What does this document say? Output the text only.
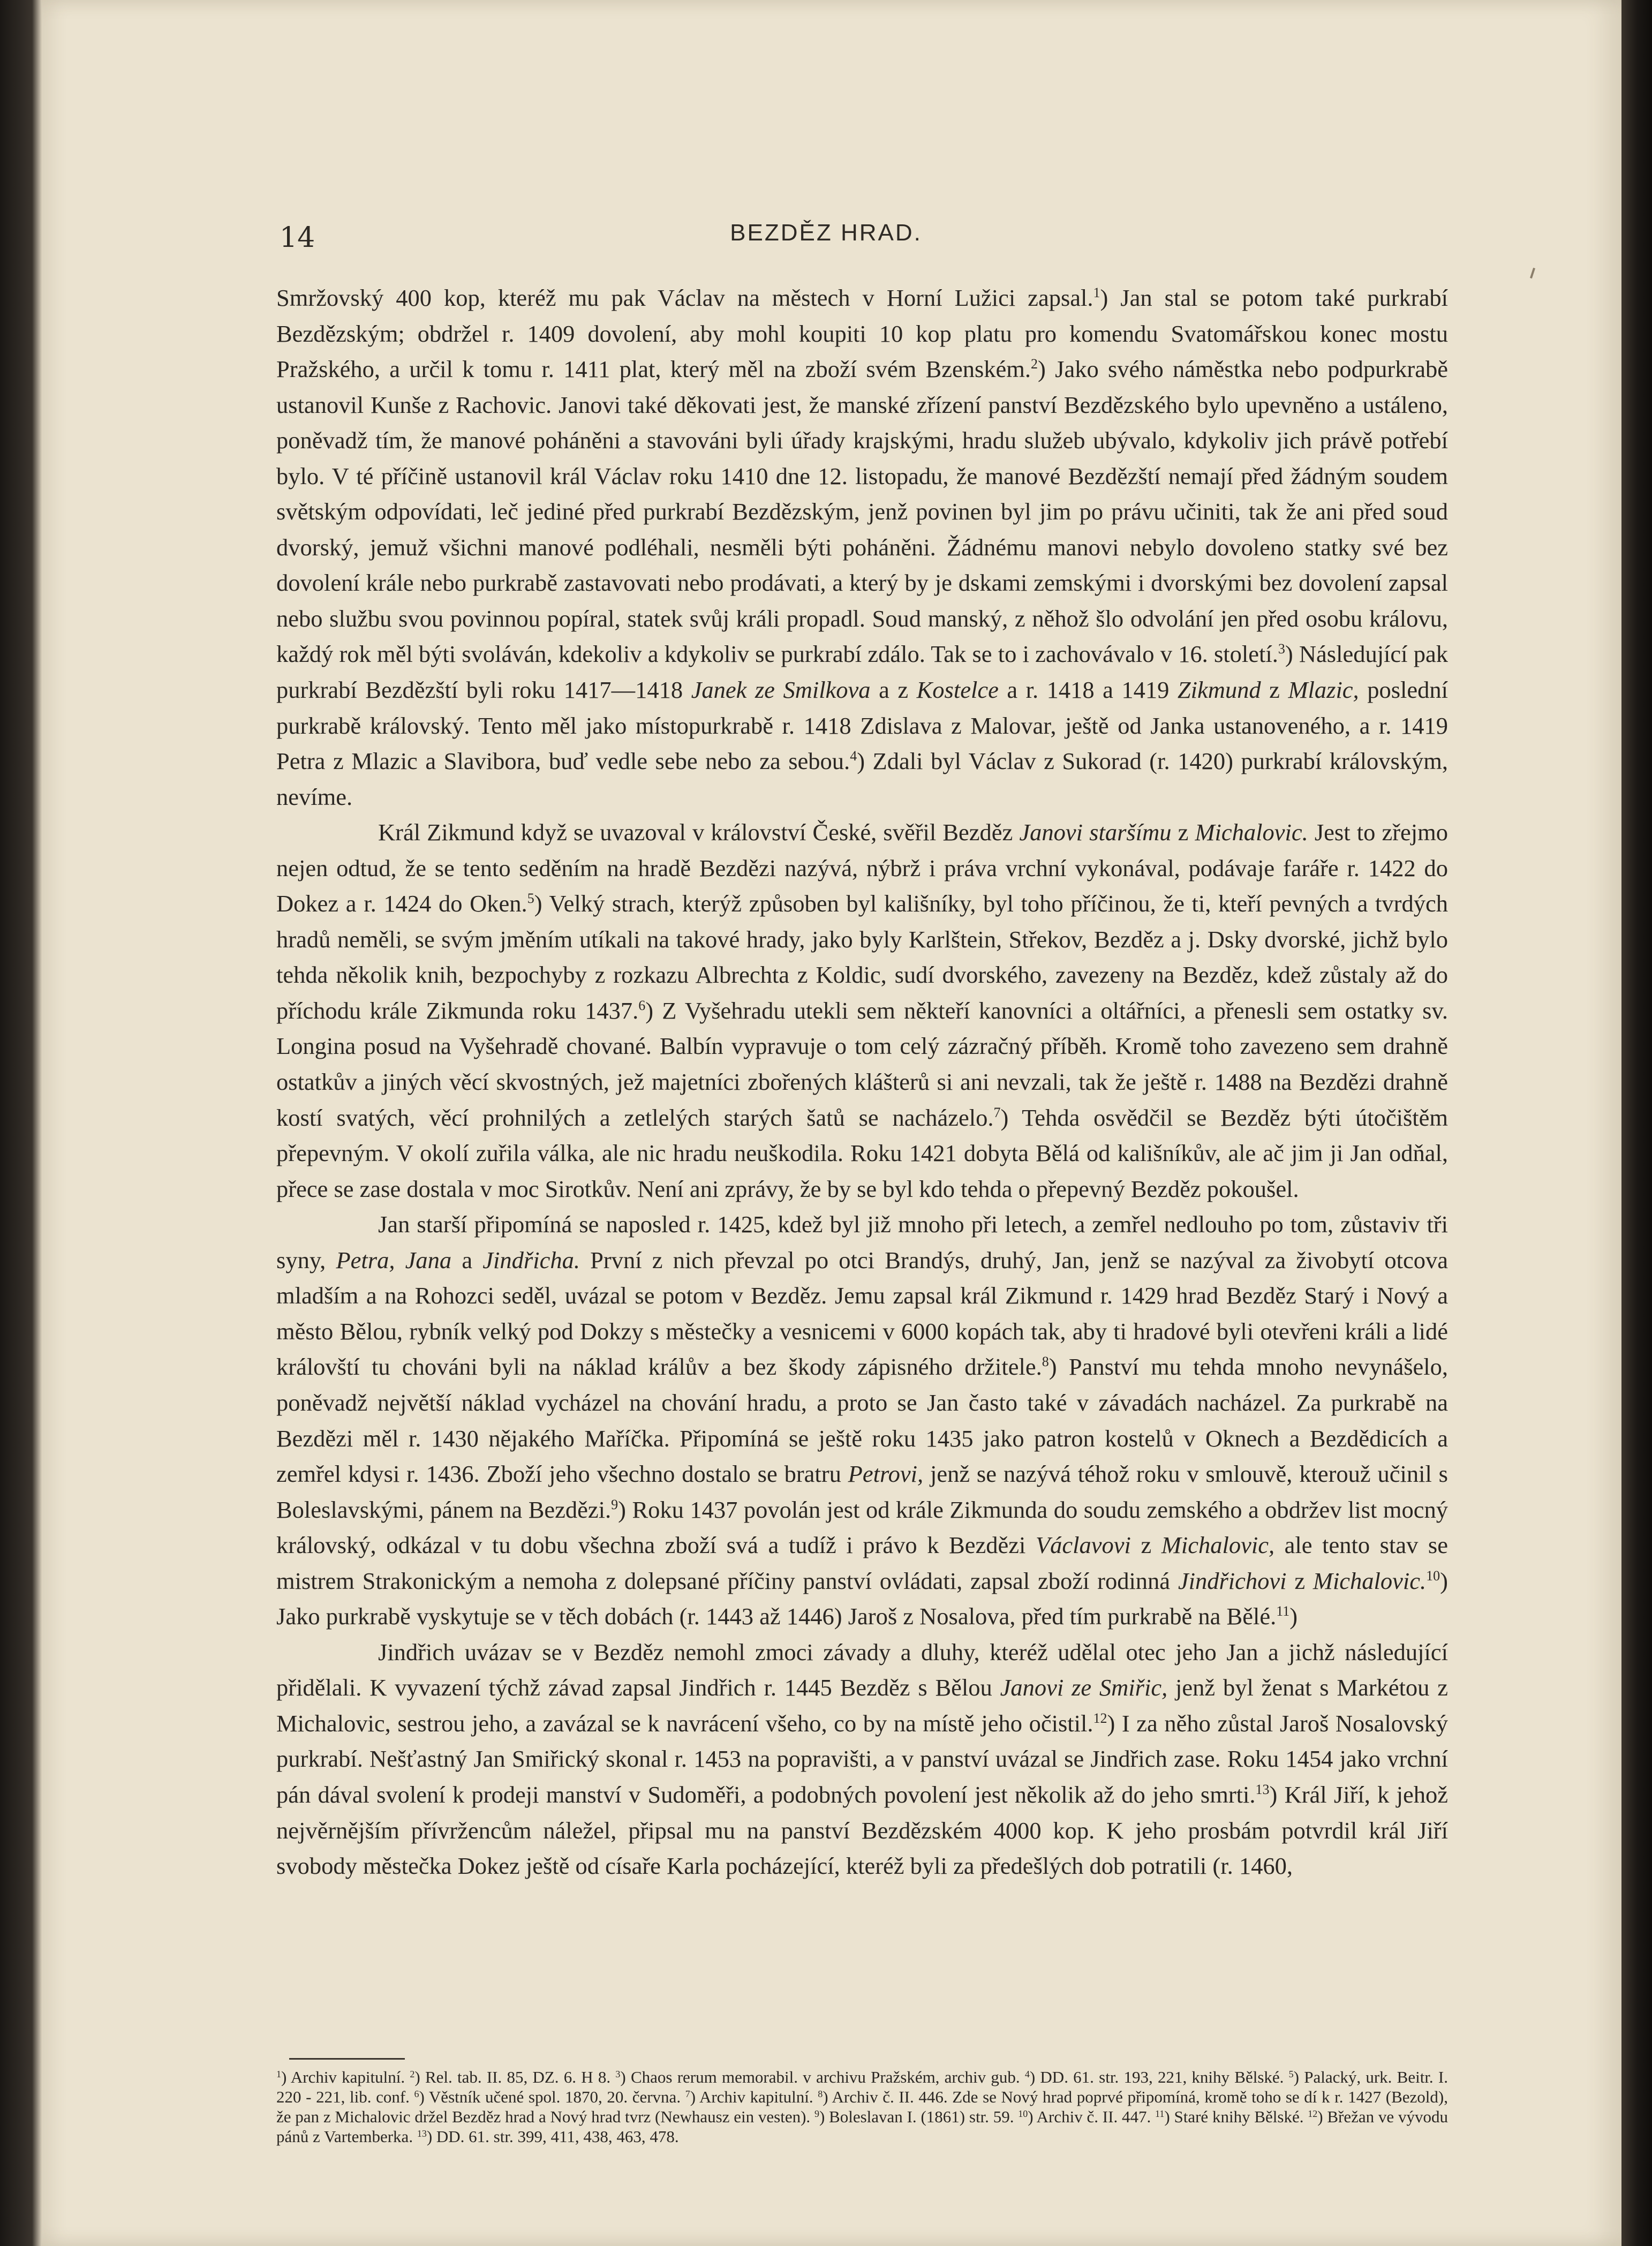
14	BEZDĚZ HRAD.

Smržovský 400 kop, kteréž mu pak Václav na městech v Horní Lužici zapsal.$^1$) Jan stal se potom také purkrabí Bezdězským; obdržel r. 1409 dovolení, aby mohl koupiti 10 kop platu pro komendu Svatomářskou konec mostu Pražského, a určil k tomu r. 1411 plat, který měl na zboží svém Bzenském.$^2$) Jako svého náměstka nebo podpurkrabě ustanovil Kunše z Rachovic. Janovi také děkovati jest, že manské zřízení panství Bezdězského bylo upevněno a ustáleno, poněvadž tím, že manové poháněni a stavováni byli úřady krajskými, hradu služeb ubývalo, kdykoliv jich právě potřebí bylo. V té příčině ustanovil král Václav roku 1410 dne 12. listopadu, že manové Bezdězští nemají před žádným soudem světským odpovídati, leč jediné před purkrabí Bezdězským, jenž povinen byl jim po právu učiniti, tak že ani před soud dvorský, jemuž všichni manové podléhali, nesměli býti poháněni. Žádnému manovi nebylo dovoleno statky své bez dovolení krále nebo purkrabě zastavovati nebo prodávati, a který by je dskami zemskými i dvorskými bez dovolení zapsal nebo službu svou povinnou popíral, statek svůj králi propadl. Soud manský, z něhož šlo odvolání jen před osobu královu, každý rok měl býti svoláván, kdekoliv a kdykoliv se purkrabí zdálo. Tak se to i zachovávalo v 16. století.$^3$) Následující pak purkrabí Bezdězští byli roku 1417—1418 Janek ze Smilkova a z Kostelce a r. 1418 a 1419 Zikmund z Mlazic, poslední purkrabě královský. Tento měl jako místopurkrabě r. 1418 Zdislava z Malovar, ještě od Janka ustanoveného, a r. 1419 Petra z Mlazic a Slavibora, buď vedle sebe nebo za sebou.$^4$) Zdali byl Václav z Sukorad (r. 1420) purkrabí královským, nevíme.

Král Zikmund když se uvazoval v království České, svěřil Bezděz Janovi staršímu z Michalovic. Jest to zřejmo nejen odtud, že se tento seděním na hradě Bezdězi nazývá, nýbrž i práva vrchní vykonával, podávaje faráře r. 1422 do Dokez a r. 1424 do Oken.$^5$) Velký strach, kterýž způsoben byl kališníky, byl toho příčinou, že ti, kteří pevných a tvrdých hradů neměli, se svým jměním utíkali na takové hrady, jako byly Karlštein, Střekov, Bezděz a j. Dsky dvorské, jichž bylo tehda několik knih, bezpochyby z rozkazu Albrechta z Koldic, sudí dvorského, zavezeny na Bezděz, kdež zůstaly až do příchodu krále Zikmunda roku 1437.$^6$) Z Vyšehradu utekli sem někteří kanovníci a oltářníci, a přenesli sem ostatky sv. Longina posud na Vyšehradě chované. Balbín vypravuje o tom celý zázračný příběh. Kromě toho zavezeno sem drahně ostatkův a jiných věcí skvostných, jež majetníci zbořených klášterů si ani nevzali, tak že ještě r. 1488 na Bezdězi drahně kostí svatých, věcí prohnilých a zetlelých starých šatů se nacházelo.$^7$) Tehda osvědčil se Bezděz býti útočištěm přepevným. V okolí zuřila válka, ale nic hradu neuškodila. Roku 1421 dobyta Bělá od kališníkův, ale ač jim ji Jan odňal, přece se zase dostala v moc Sirotkův. Není ani zprávy, že by se byl kdo tehda o přepevný Bezděz pokoušel.

Jan starší připomíná se naposled r. 1425, kdež byl již mnoho při letech, a zemřel nedlouho po tom, zůstaviv tři syny, Petra, Jana a Jindřicha. První z nich převzal po otci Brandýs, druhý, Jan, jenž se nazýval za živobytí otcova mladším a na Rohozci seděl, uvázal se potom v Bezděz. Jemu zapsal král Zikmund r. 1429 hrad Bezděz Starý i Nový a město Bělou, rybník velký pod Dokzy s městečky a vesnicemi v 6000 kopách tak, aby ti hradové byli otevřeni králi a lidé královští tu chováni byli na náklad králův a bez škody zápisného držitele.$^8$) Panství mu tehda mnoho nevynášelo, poněvadž největší náklad vycházel na chování hradu, a proto se Jan často také v závadách nacházel. Za purkrabě na Bezdězi měl r. 1430 nějakého Maříčka. Připomíná se ještě roku 1435 jako patron kostelů v Oknech a Bezdědicích a zemřel kdysi r. 1436. Zboží jeho všechno dostalo se bratru Petrovi, jenž se nazývá téhož roku v smlouvě, kterouž učinil s Boleslavskými, pánem na Bezdězi.$^9$) Roku 1437 povolán jest od krále Zikmunda do soudu zemského a obdržev list mocný královský, odkázal v tu dobu všechna zboží svá a tudíž i právo k Bezdězi Václavovi z Michalovic, ale tento stav se mistrem Strakonickým a nemoha z dolepsané příčiny panství ovládati, zapsal zboží rodinná Jindřichovi z Michalovic.$^{10}$) Jako purkrabě vyskytuje se v těch dobách (r. 1443 až 1446) Jaroš z Nosalova, před tím purkrabě na Bělé.$^{11}$)

Jindřich uvázav se v Bezděz nemohl zmoci závady a dluhy, kteréž udělal otec jeho Jan a jichž následující přidělali. K vyvazení týchž závad zapsal Jindřich r. 1445 Bezděz s Bělou Janovi ze Smiřic, jenž byl ženat s Markétou z Michalovic, sestrou jeho, a zavázal se k navrácení všeho, co by na místě jeho očistil.$^{12}$) I za něho zůstal Jaroš Nosalovský purkrabí. Nešťastný Jan Smiřický skonal r. 1453 na popravišti, a v panství uvázal se Jindřich zase. Roku 1454 jako vrchní pán dával svolení k prodeji manství v Sudoměři, a podobných povolení jest několik až do jeho smrti.$^{13}$) Král Jiří, k jehož nejvěrnějším přívržencům náležel, připsal mu na panství Bezdězském 4000 kop. K jeho prosbám potvrdil král Jiří svobody městečka Dokez ještě od císaře Karla pocházející, kteréž byli za předešlých dob potratili (r. 1460,

$^1$) Archiv kapitulní. $^2$) Rel. tab. II. 85, DZ. 6. H 8. $^3$) Chaos rerum memorabil. v archivu Pražském, archiv gub. $^4$) DD. 61. str. 193, 221, knihy Bělské. $^5$) Palacký, urk. Beitr. I. 220 - 221, lib. conf. $^6$) Věstník učené spol. 1870, 20. června. $^7$) Archiv kapitulní. $^8$) Archiv č. II. 446. Zde se Nový hrad poprvé připomíná, kromě toho se dí k r. 1427 (Bezold), že pan z Michalovic držel Bezděz hrad a Nový hrad tvrz (Newhausz ein vesten). $^9$) Boleslavan I. (1861) str. 59. $^{10}$) Archiv č. II. 447. $^{11}$) Staré knihy Bělské. $^{12}$) Břežan ve vývodu pánů z Vartemberka. $^{13}$) DD. 61. str. 399, 411, 438, 463, 478.
